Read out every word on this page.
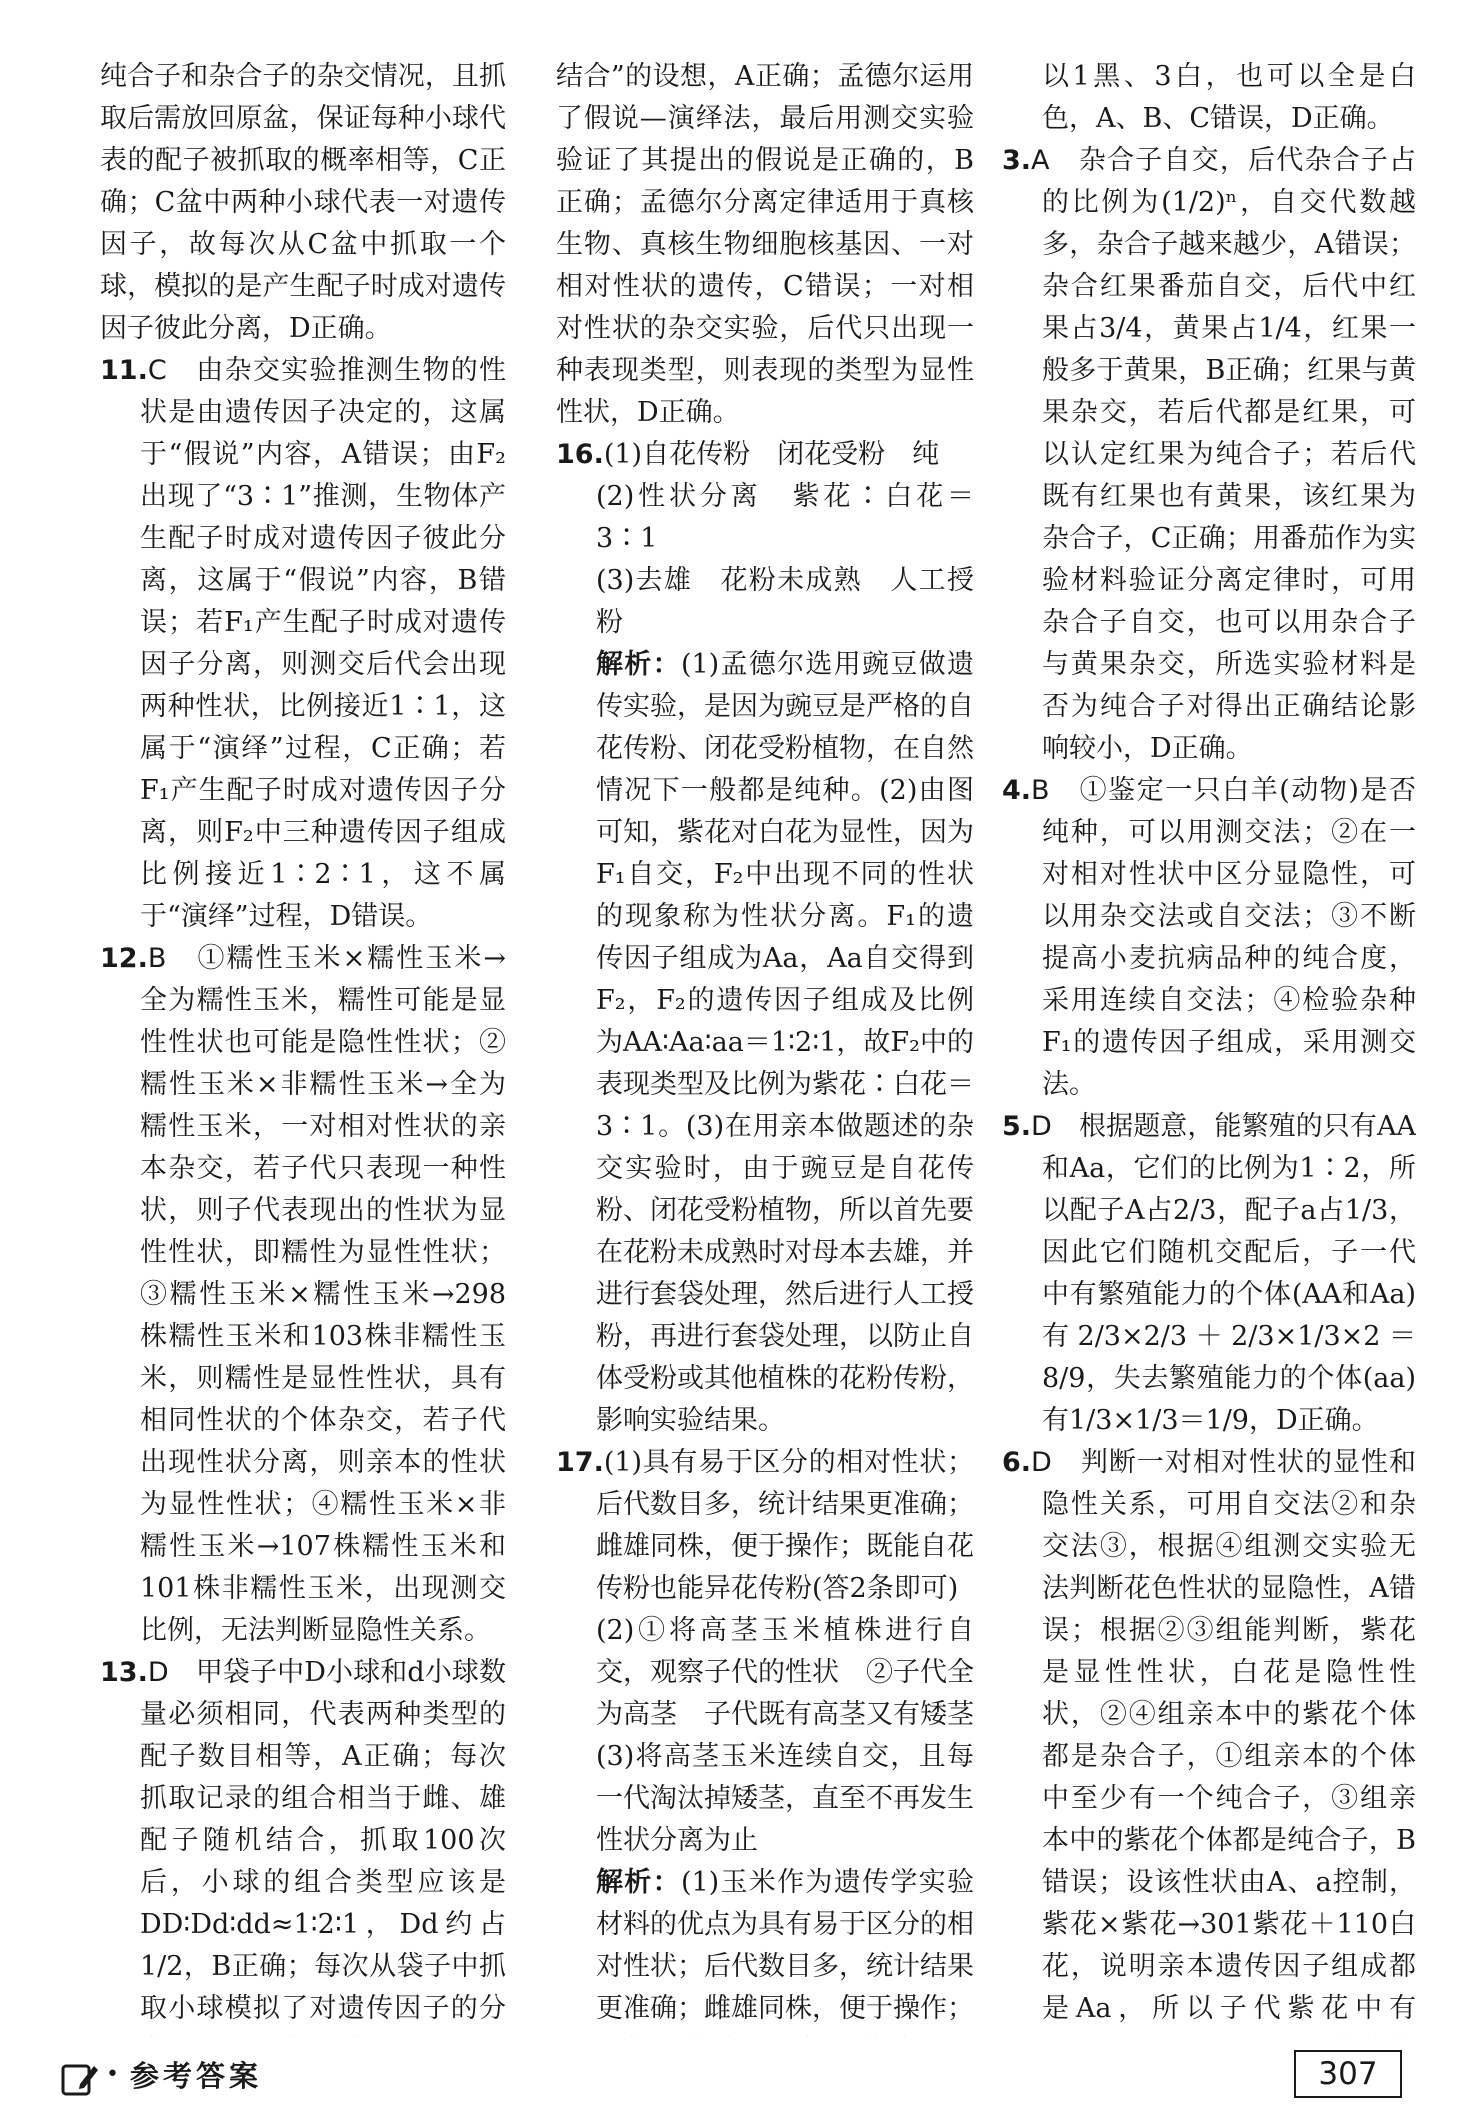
纯合子和杂合子的杂交情况，且抓取后需放回原盆，保证每种小球代表的配子被抓取的概率相等，C正确；C盆中两种小球代表一对遗传因子，故每次从C盆中抓取一个球，模拟的是产生配子时成对遗传因子彼此分离，D正确。

11.C　 由杂交实验推测生物的性状是由遗传因子决定的，这属于“假说”内容，A错误；由F₂出现了“3∶1”推测，生物体产生配子时成对遗传因子彼此分离，这属于“假说”内容，B错误；若F₁产生配子时成对遗传因子分离，则测交后代会出现两种性状，比例接近1∶1，这属于“演绎”过程，C正确；若F₁产生配子时成对遗传因子分离，则F₂中三种遗传因子组成比例接近1∶2∶1，这不属于“演绎”过程，D错误。

12.B　 ①糯性玉米×糯性玉米→全为糯性玉米，糯性可能是显性性状也可能是隐性性状；②糯性玉米×非糯性玉米→全为糯性玉米，一对相对性状的亲本杂交，若子代只表现一种性状，则子代表现出的性状为显性性状，即糯性为显性性状；③糯性玉米×糯性玉米→298株糯性玉米和103株非糯性玉米，则糯性是显性性状，具有相同性状的个体杂交，若子代出现性状分离，则亲本的性状为显性性状；④糯性玉米×非糯性玉米→107株糯性玉米和101株非糯性玉米，出现测交比例，无法判断显隐性关系。

13.D　 甲袋子中D小球和d小球数量必须相同，代表两种类型的配子数目相等，A正确；每次抓取记录的组合相当于雌、雄配子随机结合，抓取100次后，小球的组合类型应该是DD∶Dd∶dd≈1∶2∶1，Dd约占1/2，B正确；每次从袋子中抓取小球模拟了对遗传因子的分

结合”的设想，A正确；孟德尔运用了假说—演绎法，最后用测交实验验证了其提出的假说是正确的，B正确；孟德尔分离定律适用于真核生物、真核生物细胞核基因、一对相对性状的遗传，C错误；一对相对性状的杂交实验，后代只出现一种表现类型，则表现的类型为显性性状，D正确。

16.(1)自花传粉　闭花受粉　纯

(2)性状分离　紫花∶白花＝3∶1

(3)去雄　花粉未成熟　人工授粉

解析：(1)孟德尔选用豌豆做遗传实验，是因为豌豆是严格的自花传粉、闭花受粉植物，在自然情况下一般都是纯种。(2)由图可知，紫花对白花为显性，因为F₁自交，F₂中出现不同的性状的现象称为性状分离。F₁的遗传因子组成为Aa，Aa自交得到F₂，F₂的遗传因子组成及比例为AA∶Aa∶aa＝1∶2∶1，故F₂中的表现类型及比例为紫花∶白花＝3∶1。(3)在用亲本做题述的杂交实验时，由于豌豆是自花传粉、闭花受粉植物，所以首先要在花粉未成熟时对母本去雄，并进行套袋处理，然后进行人工授粉，再进行套袋处理，以防止自体受粉或其他植株的花粉传粉，影响实验结果。

17.(1)具有易于区分的相对性状；后代数目多，统计结果更准确；雌雄同株，便于操作；既能自花传粉也能异花传粉(答2条即可)

(2)①将高茎玉米植株进行自交，观察子代的性状　②子代全为高茎　子代既有高茎又有矮茎

(3)将高茎玉米连续自交，且每一代淘汰掉矮茎，直至不再发生性状分离为止

解析：(1)玉米作为遗传学实验材料的优点为具有易于区分的相对性状；后代数目多，统计结果更准确；雌雄同株，便于操作；

以1黑、3白，也可以全是白色，A、B、C错误，D正确。

3.A　 杂合子自交，后代杂合子占的比例为(1/2)ⁿ，自交代数越多，杂合子越来越少，A错误；杂合红果番茄自交，后代中红果占3/4，黄果占1/4，红果一般多于黄果，B正确；红果与黄果杂交，若后代都是红果，可以认定红果为纯合子；若后代既有红果也有黄果，该红果为杂合子，C正确；用番茄作为实验材料验证分离定律时，可用杂合子自交，也可以用杂合子与黄果杂交，所选实验材料是否为纯合子对得出正确结论影响较小，D正确。

4.B　 ①鉴定一只白羊(动物)是否纯种，可以用测交法；②在一对相对性状中区分显隐性，可以用杂交法或自交法；③不断提高小麦抗病品种的纯合度，采用连续自交法；④检验杂种F₁的遗传因子组成，采用测交法。

5.D　 根据题意，能繁殖的只有AA和Aa，它们的比例为1∶2，所以配子A占2/3，配子a占1/3，因此它们随机交配后，子一代中有繁殖能力的个体(AA和Aa)有2/3×2/3＋2/3×1/3×2＝8/9，失去繁殖能力的个体(aa)有1/3×1/3＝1/9，D正确。

6.D　 判断一对相对性状的显性和隐性关系，可用自交法②和杂交法③，根据④组测交实验无法判断花色性状的显隐性，A错误；根据②③组能判断，紫花是显性性状，白花是隐性性状，②④组亲本中的紫花个体都是杂合子，①组亲本的个体中至少有一个纯合子，③组亲本中的紫花个体都是纯合子，B错误；设该性状由A、a控制，紫花×紫花→301紫花＋110白花，说明亲本遗传因子组成都是Aa，所以子代紫花中有

• 参考答案	307
